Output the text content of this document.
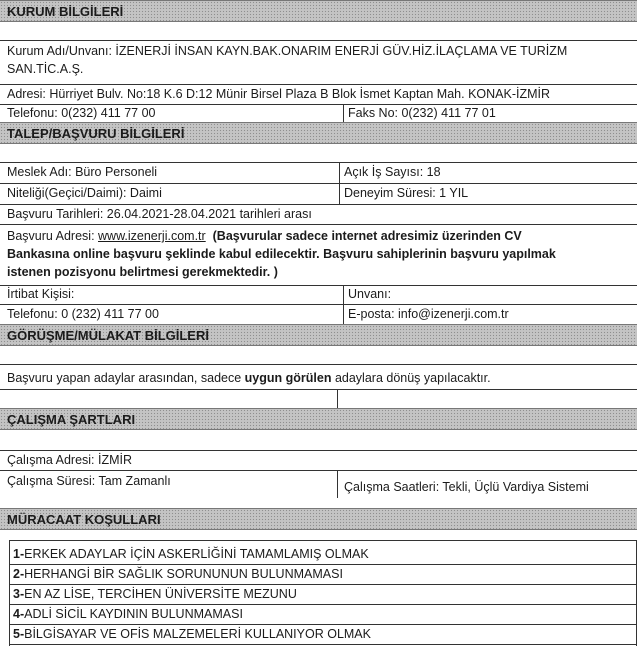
KURUM BİLGİLERİ
Kurum Adı/Unvanı: İZENERJİ İNSAN KAYN.BAK.ONARIM ENERJİ GÜV.HİZ.İLAÇLAMA VE TURİZM
SAN.TİC.A.Ş.
Adresi: Hürriyet Bulv. No:18 K.6 D:12 Münir Birsel Plaza B Blok İsmet Kaptan Mah. KONAK-İZMİR
Telefonu: 0(232) 411 77 00	Faks No: 0(232) 411 77 01
TALEP/BAŞVURU BİLGİLERİ
Meslek Adı: Büro Personeli	Açık İş Sayısı: 18
Niteliği(Geçici/Daimi): Daimi	Deneyim Süresi: 1 YIL
Başvuru Tarihleri: 26.04.2021-28.04.2021 tarihleri arası
Başvuru Adresi: www.izenerji.com.tr (Başvurular sadece internet adresimiz üzerinden CV
Bankasına online başvuru şeklinde kabul edilecektir. Başvuru sahiplerinin başvuru yapılmak
istenen pozisyonu belirtmesi gerekmektedir. )
İrtibat Kişisi:	Unvanı:
Telefonu: 0 (232) 411 77 00	E-posta: info@izenerji.com.tr
GÖRÜŞME/MÜLAKAT BİLGİLERİ
Başvuru yapan adaylar arasından, sadece uygun görülen adaylara dönüş yapılacaktır.
ÇALIŞMA ŞARTLARI
Çalışma Adresi: İZMİR
Çalışma Süresi: Tam Zamanlı	Çalışma Saatleri: Tekli, Üçlü Vardiya Sistemi
MÜRACAAT KOŞULLARI
1-ERKEK ADAYLAR İÇİN ASKERLİĞİNİ TAMAMLAMIŞ OLMAK
2-HERHANGİ BİR SAĞLIK SORUNUNUN BULUNMAMASI
3-EN AZ LİSE, TERCİHEN ÜNİVERSİTE MEZUNU
4-ADLİ SİCİL KAYDININ BULUNMAMASI
5-BİLGİSAYAR VE OFİS MALZEMELERİ KULLANIYOR OLMAK
